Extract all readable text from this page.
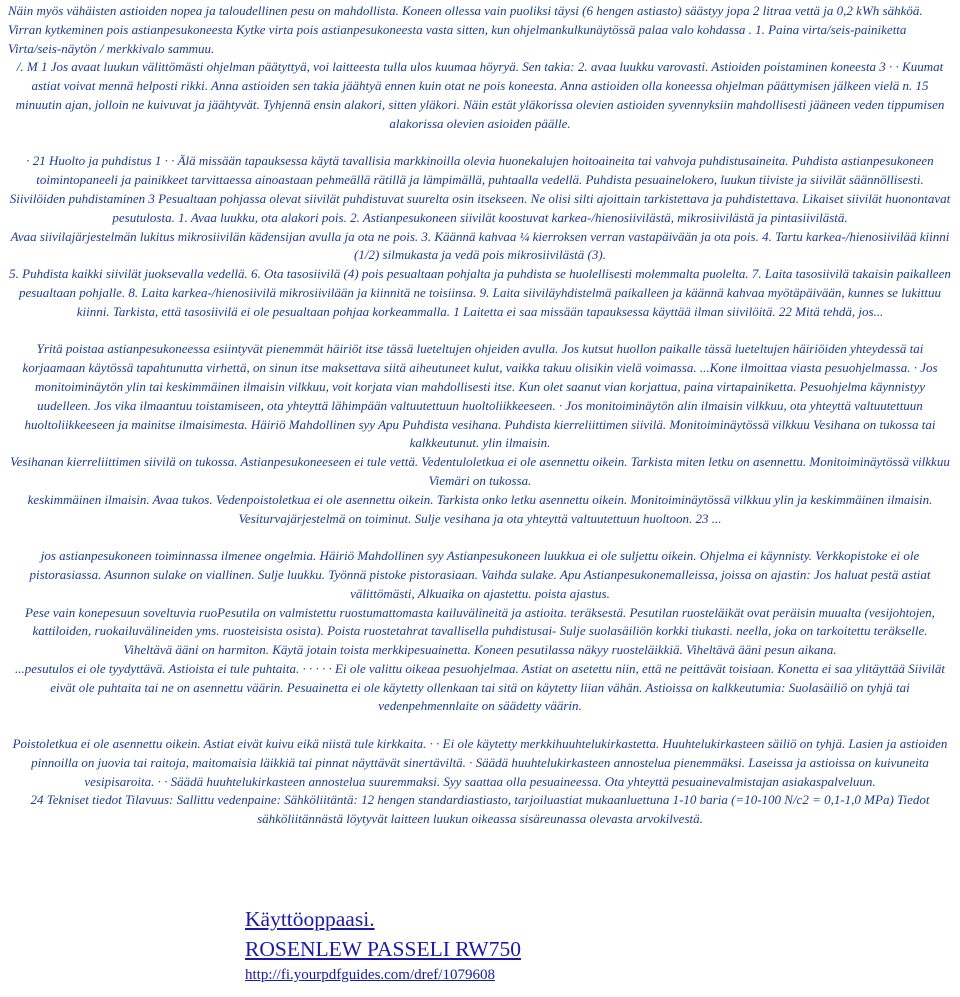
Näin myös vähäisten astioiden nopea ja taloudellinen pesu on mahdollista. Koneen ollessa vain puoliksi täysi (6 hengen astiasto) säästyy jopa 2 litraa vettä ja 0,2 kWh sähköä. Virran kytkeminen pois astianpesukoneesta Kytke virta pois astianpesukoneesta vasta sitten, kun ohjelmankulkunäytössä palaa valo kohdassa . 1. Paina virta/seis-painiketta Virta/seis-näytön / merkkivalo sammuu.

/. M 1 Jos avaat luukun välittömästi ohjelman päätyttyä, voi laitteesta tulla ulos kuumaa höyryä. Sen takia: 2. avaa luukku varovasti. Astioiden poistaminen koneesta 3 · · Kuumat astiat voivat mennä helposti rikki. Anna astioiden sen takia jäähtyä ennen kuin otat ne pois koneesta. Anna astioiden olla koneessa ohjelman päättymisen jälkeen vielä n. 15 minuutin ajan, jolloin ne kuivuvat ja jäähtyvät. Tyhjennä ensin alakori, sitten yläkori. Näin estät yläkorissa olevien astioiden syvennyksiin mahdollisesti jääneen veden tippumisen alakorissa olevien asioiden päälle.

· 21 Huolto ja puhdistus 1 · · Älä missään tapauksessa käytä tavallisia markkinoilla olevia huonekalujen hoitoaineita tai vahvoja puhdistusaineita. Puhdista astianpesukoneen toimintopaneeli ja painikkeet tarvittaessa ainoastaan pehmeällä rätillä ja lämpimällä, puhtaalla vedellä. Puhdista pesuainelokero, luukun tiiviste ja siivilät säännöllisesti. Siivilöiden puhdistaminen 3 Pesualtaan pohjassa olevat siivilät puhdistuvat suurelta osin itsekseen. Ne olisi silti ajoittain tarkistettava ja puhdistettava. Likaiset siivilät huonontavat pesutulosta. 1. Avaa luukku, ota alakori pois. 2. Astianpesukoneen siivilät koostuvat karkea-/hienosiivilästä, mikrosiivilästä ja pintasiivilästä.

Avaa siivilajärjestelmän lukitus mikrosiivilän kädensijan avulla ja ota ne pois. 3. Käännä kahvaa ¼ kierroksen verran vastapäivään ja ota pois. 4. Tartu karkea-/hienosiivilää kiinni (1/2) silmukasta ja vedä pois mikrosiivilästä (3).

5. Puhdista kaikki siivilät juoksevalla vedellä. 6. Ota tasosiivilä (4) pois pesualtaan pohjalta ja puhdista se huolellisesti molemmalta puolelta. 7. Laita tasosiivilä takaisin paikalleen pesualtaan pohjalle. 8. Laita karkea-/hienosiivilä mikrosiivilään ja kiinnitä ne toisiinsa. 9. Laita siiviläyhdistelmä paikalleen ja käännä kahvaa myötäpäivään, kunnes se lukittuu kiinni. Tarkista, että tasosiivilä ei ole pesualtaan pohjaa korkeammalla. 1 Laitetta ei saa missään tapauksessa käyttää ilman siivilöitä. 22 Mitä tehdä, jos...

Yritä poistaa astianpesukoneessa esiintyvät pienemmät häiriöt itse tässä lueteltujen ohjeiden avulla. Jos kutsut huollon paikalle tässä lueteltujen häiriöiden yhteydessä tai korjaamaan käytössä tapahtunutta virhettä, on sinun itse maksettava siitä aiheutuneet kulut, vaikka takuu olisikin vielä voimassa. ...Kone ilmoittaa viasta pesuohjelmassa. · Jos monitoiminäytön ylin tai keskimmäinen ilmaisin vilkkuu, voit korjata vian mahdollisesti itse. Kun olet saanut vian korjattua, paina virtapainiketta. Pesuohjelma käynnistyy uudelleen. Jos vika ilmaantuu toistamiseen, ota yhteyttä lähimpään valtuutettuun huoltoliikkeeseen. · Jos monitoiminäytön alin ilmaisin vilkkuu, ota yhteyttä valtuutettuun huoltoliikkeeseen ja mainitse ilmaisimesta. Häiriö Mahdollinen syy Apu Puhdista vesihana. Puhdista kierreliittimen siivilä. Monitoiminäytössä vilkkuu Vesihana on tukossa tai kalkkeutunut. ylin ilmaisin.

Vesihanan kierreliittimen siivilä on tukossa. Astianpesukoneeseen ei tule vettä. Vedentuloletkua ei ole asennettu oikein. Tarkista miten letku on asennettu. Monitoiminäytössä vilkkuu Viemäri on tukossa.

keskimmäinen ilmaisin. Avaa tukos. Vedenpoistoletkua ei ole asennettu oikein. Tarkista onko letku asennettu oikein. Monitoiminäytössä vilkkuu ylin ja keskimmäinen ilmaisin. Vesiturvajärjestelmä on toiminut. Sulje vesihana ja ota yhteyttä valtuutettuun huoltoon. 23 ...

jos astianpesukoneen toiminnassa ilmenee ongelmia. Häiriö Mahdollinen syy Astianpesukoneen luukkua ei ole suljettu oikein. Ohjelma ei käynnisty. Verkkopistoke ei ole pistorasiassa. Asunnon sulake on viallinen. Sulje luukku. Työnnä pistoke pistorasiaan. Vaihda sulake. Apu Astianpesukonemalleissa, joissa on ajastin: Jos haluat pestä astiat välittömästi, Alkuaika on ajastettu. poista ajastus.

Pese vain konepesuun soveltuvia ruoPesutila on valmistettu ruostumattomasta kailuvälineitä ja astioita. teräksestä. Pesutilan ruosteläikät ovat peräisin muualta (vesijohtojen, kattiloiden, ruokailuvälineiden yms. ruosteisista osista). Poista ruostetahrat tavallisella puhdistusai- Sulje suolasäiliön korkki tiukasti. neella, joka on tarkoitettu teräkselle. Viheltävä ääni on harmiton. Käytä jotain toista merkkipesuainetta. Koneen pesutilassa näkyy ruosteläikkiä. Viheltävä ääni pesun aikana.

...pesutulos ei ole tyydyttävä. Astioista ei tule puhtaita. · · · · · Ei ole valittu oikeaa pesuohjelmaa. Astiat on asetettu niin, että ne peittävät toisiaan. Konetta ei saa ylitäyttää Siivilät eivät ole puhtaita tai ne on asennettu väärin. Pesuainetta ei ole käytetty ollenkaan tai sitä on käytetty liian vähän. Astioissa on kalkkeutumia: Suolasäiliö on tyhjä tai vedenpehmennlaite on säädetty väärin.

Poistoletkua ei ole asennettu oikein. Astiat eivät kuivu eikä niistä tule kirkkaita. · · Ei ole käytetty merkkihuuhtelukirkastetta. Huuhtelukirkasteen säiliö on tyhjä. Lasien ja astioiden pinnoilla on juovia tai raitoja, maitomaisia läikkiä tai pinnat näyttävät sinertäviltä. · Säädä huuhtelukirkasteen annostelua pienemmäksi. Laseissa ja astioissa on kuivuneita vesipisaroita. · · Säädä huuhtelukirkasteen annostelua suuremmaksi. Syy saattaa olla pesuaineessa. Ota yhteyttä pesuainevalmistajan asiakaspalveluun.

24 Tekniset tiedot Tilavuus: Sallittu vedenpaine: Sähköliitäntä: 12 hengen standardiastiasto, tarjoiluastiat mukaanluettuna 1-10 baria (=10-100 N/c2 = 0,1-1,0 MPa) Tiedot sähköliitännästä löytyvät laitteen luukun oikeassa sisäreunassa olevasta arvokilvestä.

Käyttöoppaasi.
ROSENLEW PASSELI RW750
http://fi.yourpdfguides.com/dref/1079608
